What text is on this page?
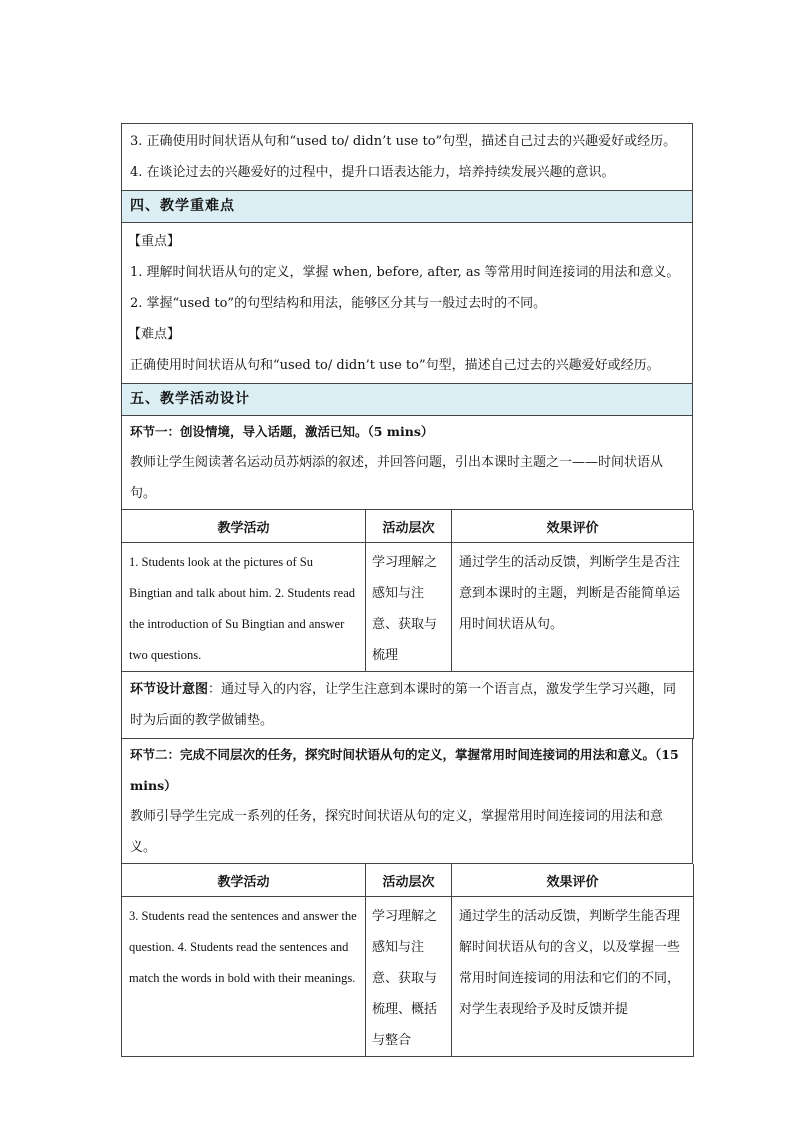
3. 正确使用时间状语从句和“used to/ didn’t use to”句型，描述自己过去的兴趣爱好或经历。
4. 在谈论过去的兴趣爱好的过程中，提升口语表达能力，培养持续发展兴趣的意识。
四、教学重难点
【重点】
1. 理解时间状语从句的定义，掌握 when, before, after, as 等常用时间连接词的用法和意义。
2. 掌握“used to”的句型结构和用法，能够区分其与一般过去时的不同。
【难点】
正确使用时间状语从句和“used to/ didn’t use to”句型，描述自己过去的兴趣爱好或经历。
五、教学活动设计
环节一：创设情境，导入话题，激活已知。（5 mins）
教师让学生阅读著名运动员苏炳添的叙述，并回答问题，引出本课时主题之一——时间状语从句。
教学活动	活动层次	效果评价
1. Students look at the pictures of Su Bingtian and talk about him. 2. Students read the introduction of Su Bingtian and answer two questions.	学习理解之感知与注意、获取与梳理	通过学生的活动反馈，判断学生是否注意到本课时的主题，判断是否能简单运用时间状语从句。
环节设计意图：通过导入的内容，让学生注意到本课时的第一个语言点，激发学生学习兴趣，同时为后面的教学做铺垫。		
环节二：完成不同层次的任务，探究时间状语从句的定义，掌握常用时间连接词的用法和意义。（15 mins）
教师引导学生完成一系列的任务，探究时间状语从句的定义，掌握常用时间连接词的用法和意义。
教学活动	活动层次	效果评价
3. Students read the sentences and answer the question. 4. Students read the sentences and match the words in bold with their meanings.	学习理解之感知与注意、获取与梳理、概括与整合	通过学生的活动反馈，判断学生能否理解时间状语从句的含义，以及掌握一些常用时间连接词的用法和它们的不同，对学生表现给予及时反馈并提
